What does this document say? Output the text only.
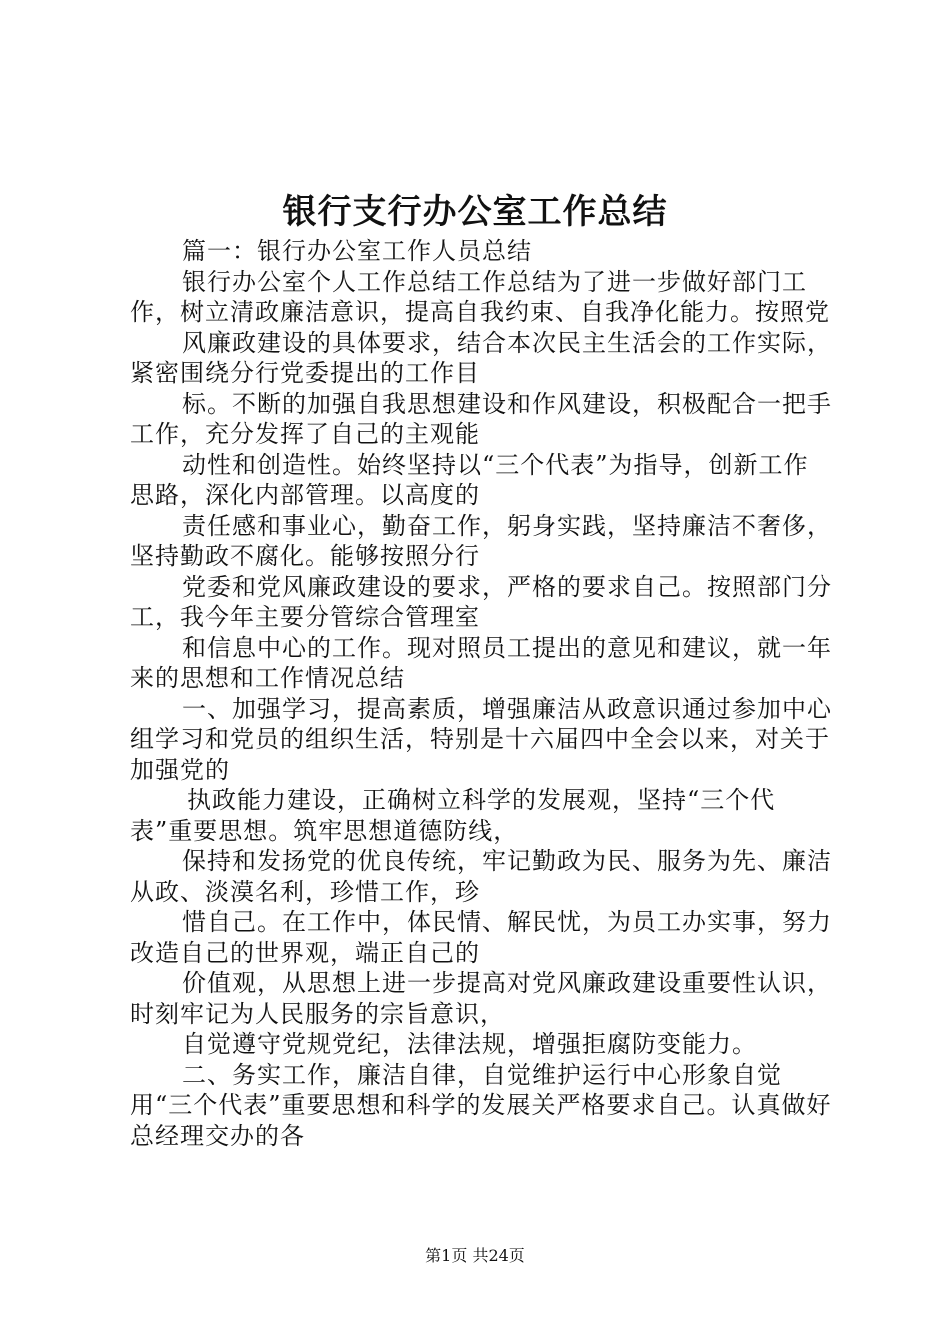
银行支行办公室工作总结

篇一：银行办公室工作人员总结

银行办公室个人工作总结工作总结为了进一步做好部门工作，树立清政廉洁意识，提高自我约束、自我净化能力。按照党

风廉政建设的具体要求，结合本次民主生活会的工作实际，紧密围绕分行党委提出的工作目

标。不断的加强自我思想建设和作风建设，积极配合一把手工作，充分发挥了自己的主观能

动性和创造性。始终坚持以“三个代表”为指导，创新工作思路，深化内部管理。以高度的

责任感和事业心，勤奋工作，躬身实践，坚持廉洁不奢侈，坚持勤政不腐化。能够按照分行

党委和党风廉政建设的要求，严格的要求自己。按照部门分工，我今年主要分管综合管理室

和信息中心的工作。现对照员工提出的意见和建议，就一年来的思想和工作情况总结

一、加强学习，提高素质，增强廉洁从政意识通过参加中心组学习和党员的组织生活，特别是十六届四中全会以来，对关于加强党的

执政能力建设，正确树立科学的发展观，坚持“三个代表”重要思想。筑牢思想道德防线，

保持和发扬党的优良传统，牢记勤政为民、服务为先、廉洁从政、淡漠名利，珍惜工作，珍

惜自己。在工作中，体民情、解民忧，为员工办实事，努力改造自己的世界观，端正自己的

价值观，从思想上进一步提高对党风廉政建设重要性认识，时刻牢记为人民服务的宗旨意识，

自觉遵守党规党纪，法律法规，增强拒腐防变能力。

二、务实工作，廉洁自律，自觉维护运行中心形象自觉用“三个代表”重要思想和科学的发展关严格要求自己。认真做好总经理交办的各

第1页 共24页
